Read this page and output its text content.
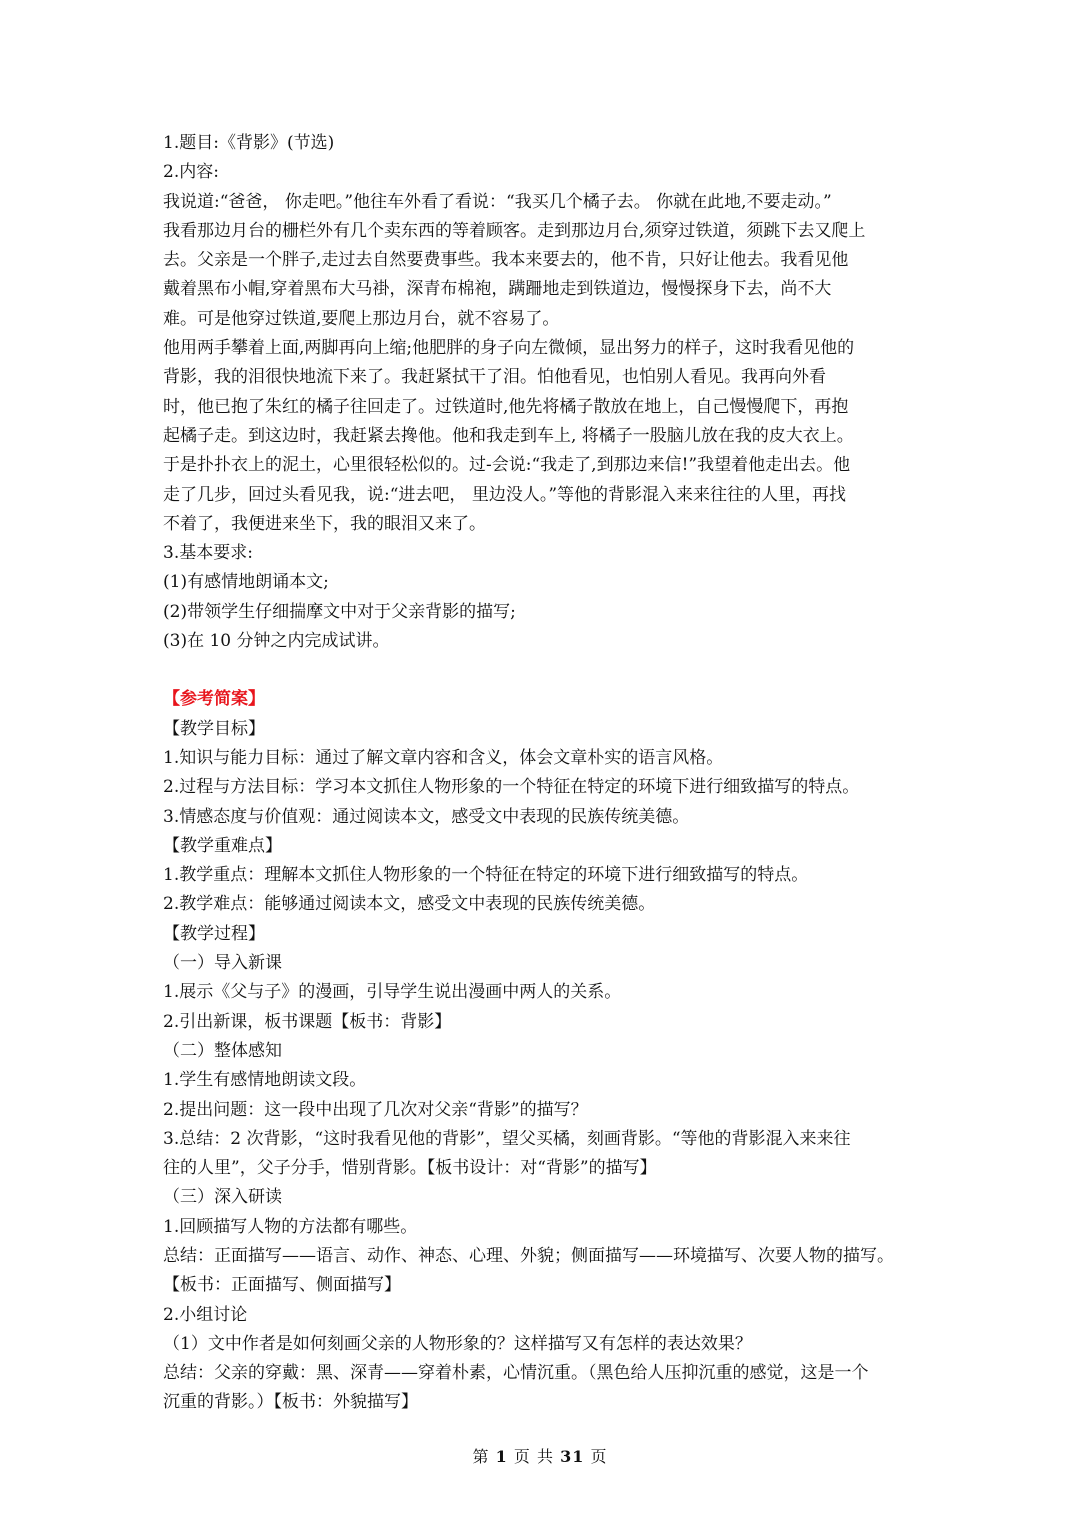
1.题目:《背影》(节选)
2.内容:
我说道:“爸爸， 你走吧。”他往车外看了看说：“我买几个橘子去。 你就在此地,不要走动。”
我看那边月台的栅栏外有几个卖东西的等着顾客。走到那边月台,须穿过铁道，须跳下去又爬上
去。父亲是一个胖子,走过去自然要费事些。我本来要去的，他不肯，只好让他去。我看见他
戴着黑布小帽,穿着黑布大马褂，深青布棉袍，蹒跚地走到铁道边，慢慢探身下去，尚不大
难。可是他穿过铁道,要爬上那边月台，就不容易了。
他用两手攀着上面,两脚再向上缩;他肥胖的身子向左微倾，显出努力的样子，这时我看见他的
背影，我的泪很快地流下来了。我赶紧拭干了泪。怕他看见，也怕别人看见。我再向外看
时，他已抱了朱红的橘子往回走了。过铁道时,他先将橘子散放在地上，自己慢慢爬下，再抱
起橘子走。到这边时，我赶紧去搀他。他和我走到车上, 将橘子一股脑儿放在我的皮大衣上。
于是扑扑衣上的泥土，心里很轻松似的。过-会说:“我走了,到那边来信!”我望着他走出去。他
走了几步，回过头看见我，说:“进去吧， 里边没人。”等他的背影混入来来往往的人里，再找
不着了，我便进来坐下，我的眼泪又来了。
3.基本要求:
(1)有感情地朗诵本文;
(2)带领学生仔细揣摩文中对于父亲背影的描写;
(3)在 10 分钟之内完成试讲。
【参考简案】
【教学目标】
1.知识与能力目标：通过了解文章内容和含义，体会文章朴实的语言风格。
2.过程与方法目标：学习本文抓住人物形象的一个特征在特定的环境下进行细致描写的特点。
3.情感态度与价值观：通过阅读本文，感受文中表现的民族传统美德。
【教学重难点】
1.教学重点：理解本文抓住人物形象的一个特征在特定的环境下进行细致描写的特点。
2.教学难点：能够通过阅读本文，感受文中表现的民族传统美德。
【教学过程】
（一）导入新课
1.展示《父与子》的漫画，引导学生说出漫画中两人的关系。
2.引出新课，板书课题【板书：背影】
（二）整体感知
1.学生有感情地朗读文段。
2.提出问题：这一段中出现了几次对父亲“背影”的描写？
3.总结：2 次背影，“这时我看见他的背影”，望父买橘，刻画背影。“等他的背影混入来来往
往的人里”，父子分手，惜别背影。【板书设计：对“背影”的描写】
（三）深入研读
1.回顾描写人物的方法都有哪些。
总结：正面描写——语言、动作、神态、心理、外貌；侧面描写——环境描写、次要人物的描写。
【板书：正面描写、侧面描写】
2.小组讨论
（1）文中作者是如何刻画父亲的人物形象的？这样描写又有怎样的表达效果？
总结：父亲的穿戴：黑、深青——穿着朴素，心情沉重。（黑色给人压抑沉重的感觉，这是一个
沉重的背影。）【板书：外貌描写】
第 1 页 共 31 页
